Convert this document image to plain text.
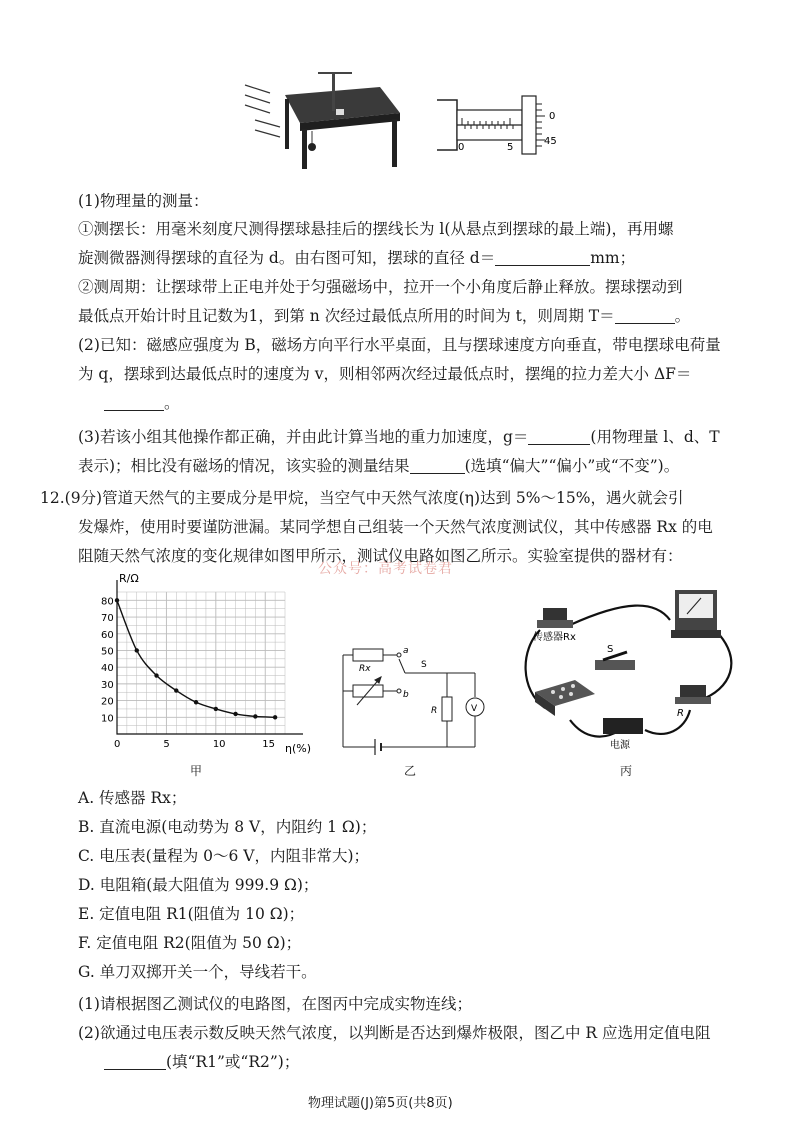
0	5
0
45
(1)物理量的测量：
①测摆长：用毫米刻度尺测得摆球悬挂后的摆线长为 l(从悬点到摆球的最上端)，再用螺
旋测微器测得摆球的直径为 d。由右图可知，摆球的直径 d＝	mm；
②测周期：让摆球带上正电并处于匀强磁场中，拉开一个小角度后静止释放。摆球摆动到
最低点开始计时且记数为1，到第 n 次经过最低点所用的时间为 t，则周期 T＝	。
(2)已知：磁感应强度为 B，磁场方向平行水平桌面，且与摆球速度方向垂直，带电摆球电荷量
为 q，摆球到达最低点时的速度为 v，则相邻两次经过最低点时，摆绳的拉力差大小 ΔF＝
。
(3)若该小组其他操作都正确，并由此计算当地的重力加速度，g＝	(用物理量 l、d、T
表示)；相比没有磁场的情况，该实验的测量结果	(选填“偏大”“偏小”或“不变”)。
12.(9分)管道天然气的主要成分是甲烷，当空气中天然气浓度(η)达到 5%～15%，遇火就会引
发爆炸，使用时要谨防泄漏。某同学想自己组装一个天然气浓度测试仪，其中传感器 Rx 的电
阻随天然气浓度的变化规律如图甲所示，测试仪电路如图乙所示。实验室提供的器材有：
公众号：高考试卷君
0	5	10	15
10
20
30
40
50
60
70
80
R/Ω
η(%)
甲
Rx
a
b
S
R	V
乙
传感器Rx
S
R
电源
丙
A. 传感器 Rx；
B. 直流电源(电动势为 8 V，内阻约 1 Ω)；
C. 电压表(量程为 0～6 V，内阻非常大)；
D. 电阻箱(最大阻值为 999.9 Ω)；
E. 定值电阻 R1(阻值为 10 Ω)；
F. 定值电阻 R2(阻值为 50 Ω)；
G. 单刀双掷开关一个，导线若干。
(1)请根据图乙测试仪的电路图，在图丙中完成实物连线；
(2)欲通过电压表示数反映天然气浓度，以判断是否达到爆炸极限，图乙中 R 应选用定值电阻
(填“R1”或“R2”)；
物理试题(J)第5页(共8页)
